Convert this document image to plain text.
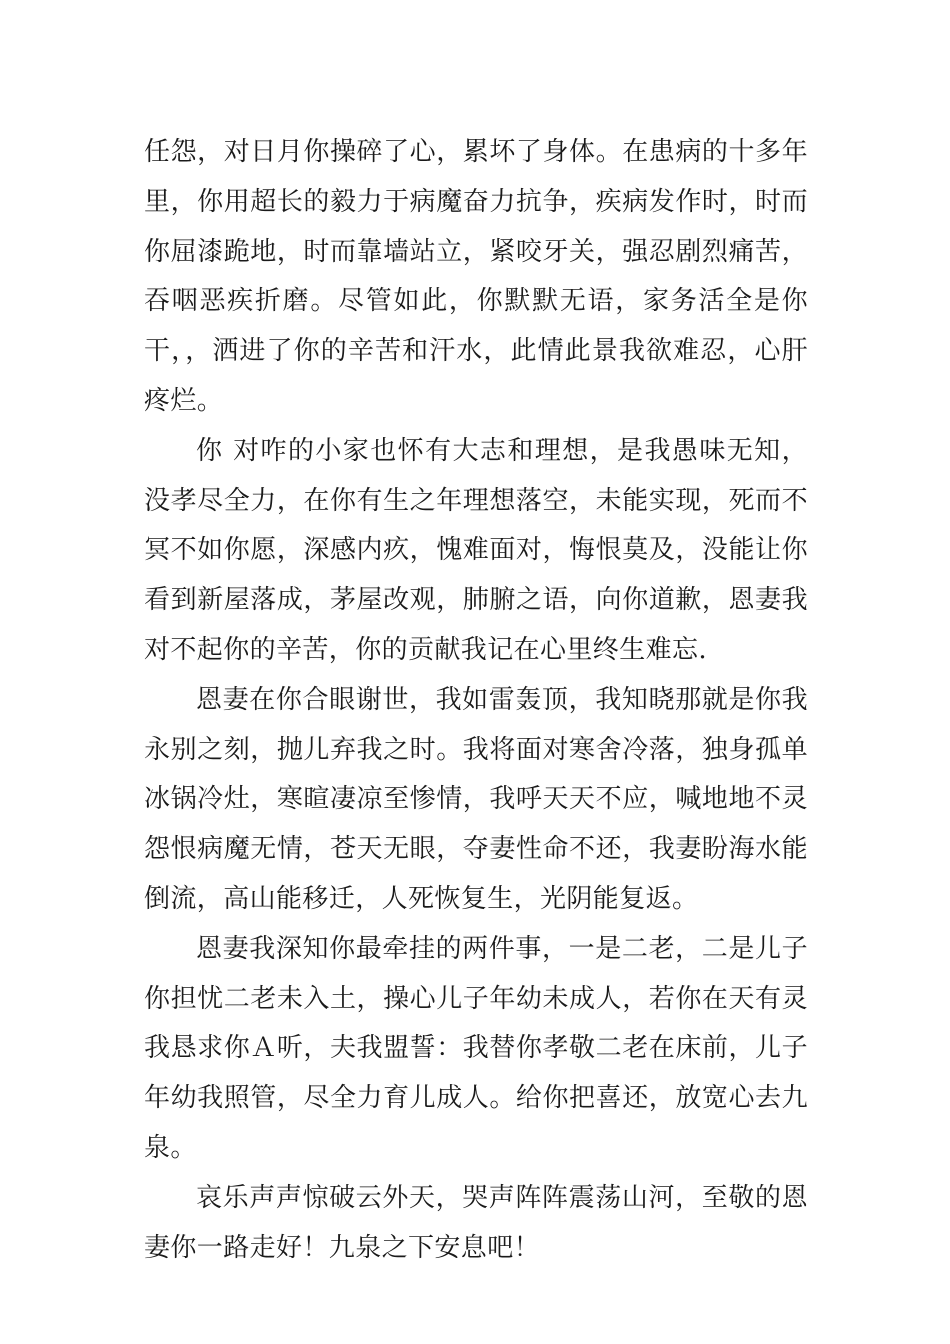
任怨，对日月你操碎了心，累坏了身体。在患病的十多年里，你用超长的毅力于病魔奋力抗争，疾病发作时，时而你屈漆跪地，时而靠墙站立，紧咬牙关，强忍剧烈痛苦，吞咽恶疾折磨。尽管如此，你默默无语，家务活全是你干，，洒进了你的辛苦和汗水，此情此景我欲难忍，心肝疼烂。

你 对咋的小家也怀有大志和理想，是我愚味无知，没孝尽全力，在你有生之年理想落空，未能实现，死而不冥不如你愿，深感内疚，愧难面对，悔恨莫及，没能让你看到新屋落成，茅屋改观，肺腑之语，向你道歉，恩妻我对不起你的辛苦，你的贡献我记在心里终生难忘.

恩妻在你合眼谢世，我如雷轰顶，我知晓那就是你我永别之刻，抛儿弃我之时。我将面对寒舍冷落，独身孤单冰锅冷灶，寒暄凄凉至惨情，我呼天天不应，喊地地不灵怨恨病魔无情，苍天无眼，夺妻性命不还，我妻盼海水能倒流，高山能移迁，人死恢复生，光阴能复返。

恩妻我深知你最牵挂的两件事，一是二老，二是儿子你担忧二老未入土，操心儿子年幼未成人，若你在天有灵我恳求你Ａ听，夫我盟誓：我替你孝敬二老在床前，儿子年幼我照管，尽全力育儿成人。给你把喜还，放宽心去九泉。

哀乐声声惊破云外天，哭声阵阵震荡山河，至敬的恩妻你一路走好！九泉之下安息吧！
